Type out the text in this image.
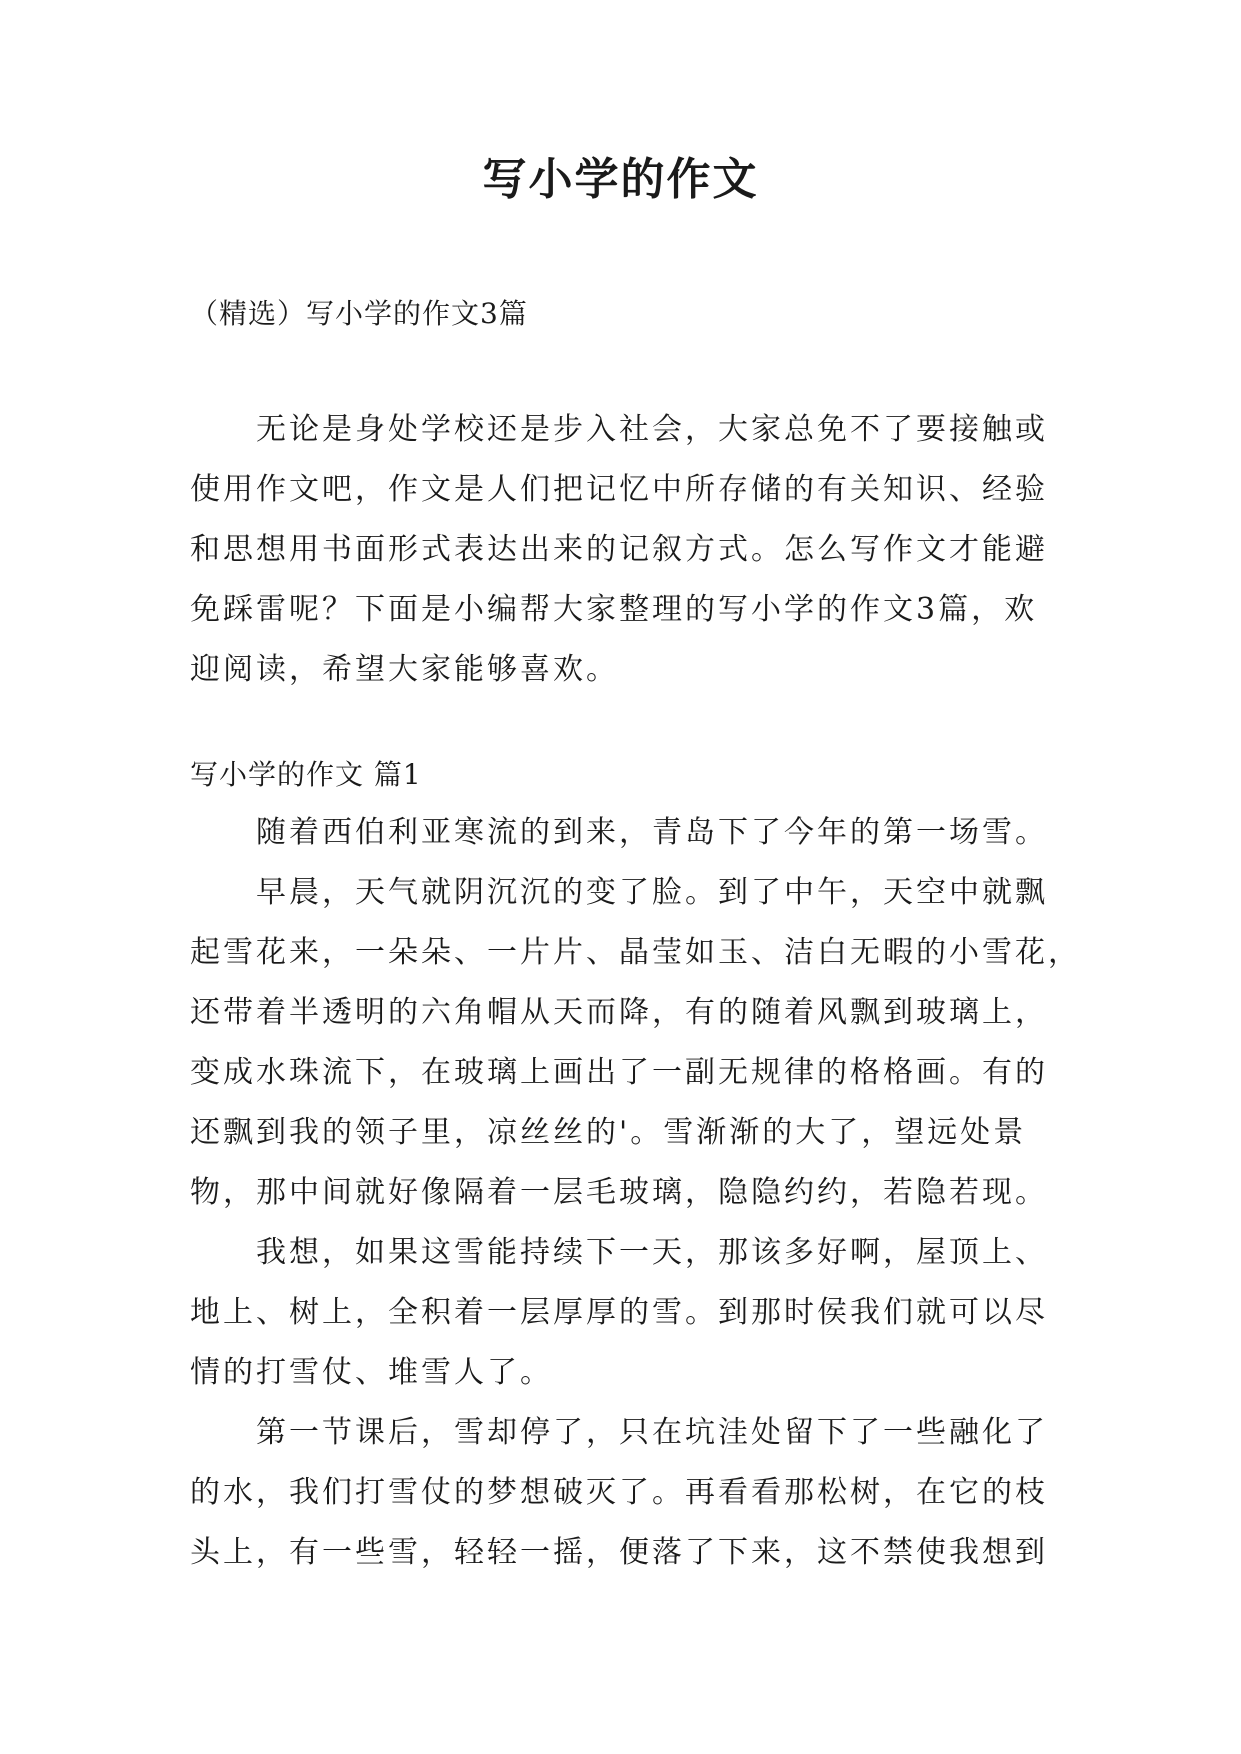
写小学的作文
（精选）写小学的作文3篇
无论是身处学校还是步入社会，大家总免不了要接触或
使用作文吧，作文是人们把记忆中所存储的有关知识、经验
和思想用书面形式表达出来的记叙方式。怎么写作文才能避
免踩雷呢？下面是小编帮大家整理的写小学的作文3篇，欢
迎阅读，希望大家能够喜欢。
写小学的作文 篇1
随着西伯利亚寒流的到来，青岛下了今年的第一场雪。
早晨，天气就阴沉沉的变了脸。到了中午，天空中就飘
起雪花来，一朵朵、一片片、晶莹如玉、洁白无暇的小雪花，
还带着半透明的六角帽从天而降，有的随着风飘到玻璃上，
变成水珠流下，在玻璃上画出了一副无规律的格格画。有的
还飘到我的领子里，凉丝丝的'。雪渐渐的大了，望远处景
物，那中间就好像隔着一层毛玻璃，隐隐约约，若隐若现。
我想，如果这雪能持续下一天，那该多好啊，屋顶上、
地上、树上，全积着一层厚厚的雪。到那时侯我们就可以尽
情的打雪仗、堆雪人了。
第一节课后，雪却停了，只在坑洼处留下了一些融化了
的水，我们打雪仗的梦想破灭了。再看看那松树，在它的枝
头上，有一些雪，轻轻一摇，便落了下来，这不禁使我想到
